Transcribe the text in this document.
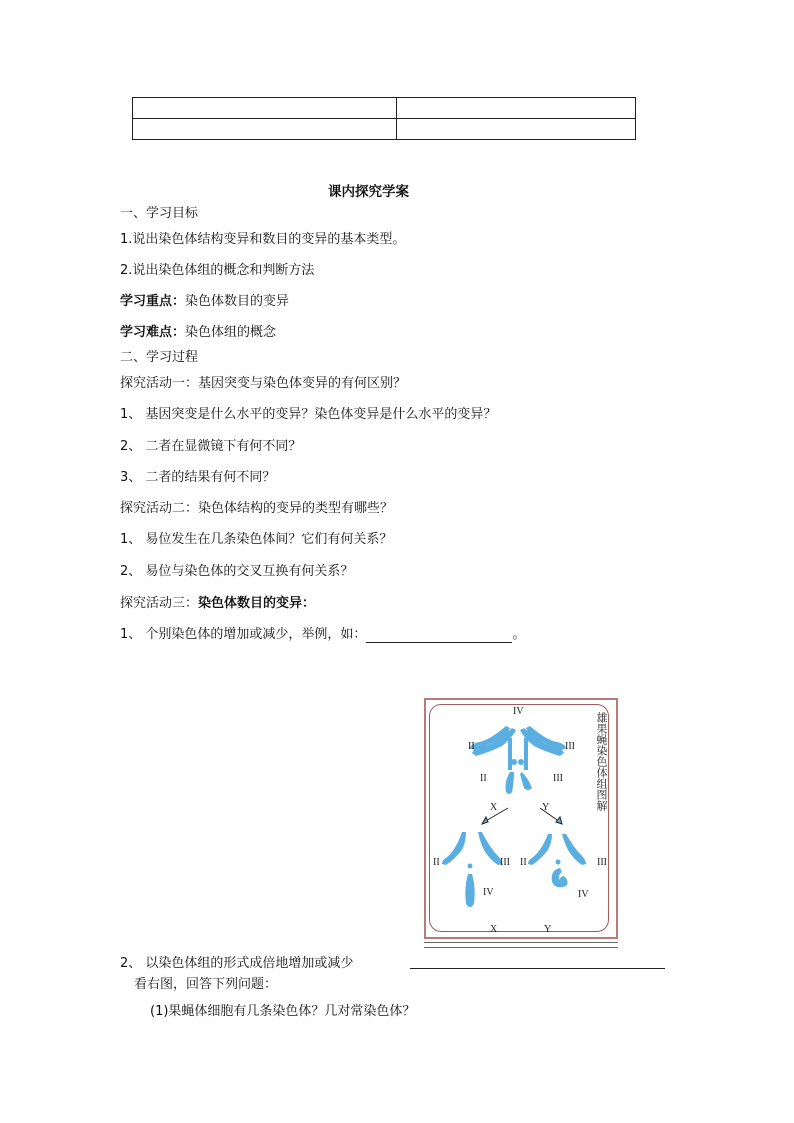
课内探究学案
一、学习目标
1.说出染色体结构变异和数目的变异的基本类型。
2.说出染色体组的概念和判断方法
学习重点：染色体数目的变异
学习难点：染色体组的概念
二、学习过程
探究活动一：基因突变与染色体变异的有何区别？
1、 基因突变是什么水平的变异？染色体变异是什么水平的变异？
2、 二者在显微镜下有何不同？
3、 二者的结果有何不同？
探究活动二：染色体结构的变异的类型有哪些？
1、 易位发生在几条染色体间？它们有何关系？
2、 易位与染色体的交叉互换有何关系？
探究活动三：染色体数目的变异：
1、 个别染色体的增加或减少，举例，如：	。
雄果蝇染色体组图解
IV
II	III
II	III
X	Y
II	III II	III
IV	IV
X	Y
2、 以染色体组的形式成倍地增加或减少
看右图，回答下列问题：
(1)果蝇体细胞有几条染色体？几对常染色体？
